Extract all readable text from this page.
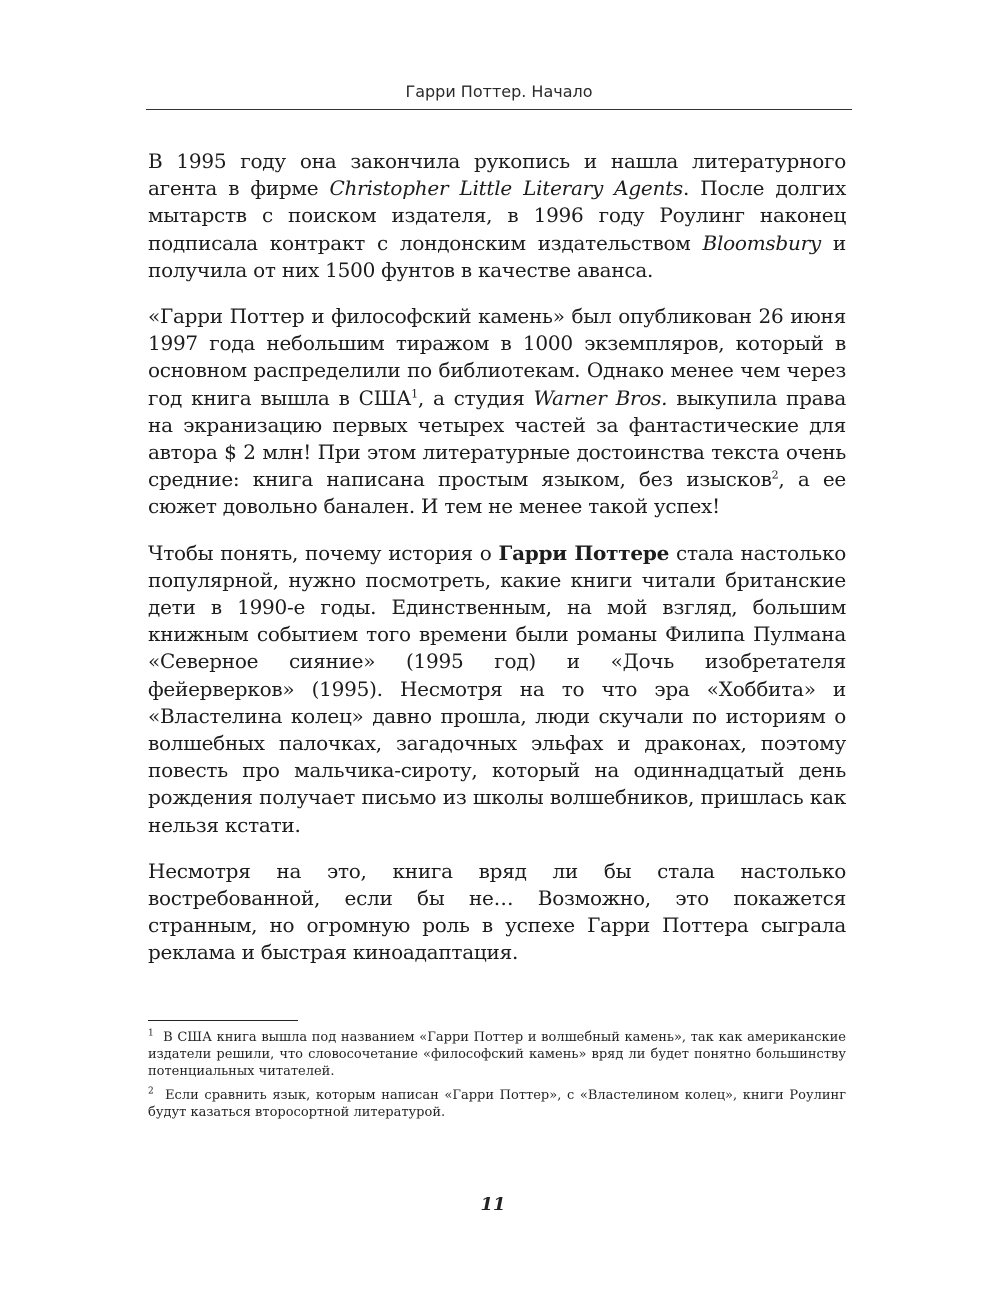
Гарри Поттер. Начало

В 1995 году она закончила рукопись и нашла литературного агента в фирме Christopher Little Literary Agents. После долгих мытарств с поиском издателя, в 1996 году Роулинг наконец подписала контракт с лондонским издательством Bloomsbury и получила от них 1500 фунтов в качестве аванса.

«Гарри Поттер и философский камень» был опубликован 26 июня 1997 года небольшим тиражом в 1000 экземпляров, который в основном распределили по библиотекам. Однако менее чем через год книга вышла в США$^1$, а студия Warner Bros. выкупила права на экранизацию первых четырех частей за фантастические для автора $ 2 млн! При этом литературные достоинства текста очень средние: книга написана простым языком, без изысков$^2$, а ее сюжет довольно банален. И тем не менее такой успех!

Чтобы понять, почему история о Гарри Поттере стала настолько популярной, нужно посмотреть, какие книги читали британские дети в 1990-е годы. Единственным, на мой взгляд, большим книжным событием того времени были романы Филипа Пулмана «Северное сияние» (1995 год) и «Дочь изобретателя фейерверков» (1995). Несмотря на то что эра «Хоббита» и «Властелина колец» давно прошла, люди скучали по историям о волшебных палочках, загадочных эльфах и драконах, поэтому повесть про мальчика-сироту, который на одиннадцатый день рождения получает письмо из школы волшебников, пришлась как нельзя кстати.

Несмотря на это, книга вряд ли бы стала настолько востребованной, если бы не… Возможно, это покажется странным, но огромную роль в успехе Гарри Поттера сыграла реклама и быстрая киноадаптация.

$^1$ В США книга вышла под названием «Гарри Поттер и волшебный камень», так как американские издатели решили, что словосочетание «философский камень» вряд ли будет понятно большинству потенциальных читателей.

$^2$ Если сравнить язык, которым написан «Гарри Поттер», с «Властелином колец», книги Роулинг будут казаться второсортной литературой.

11
